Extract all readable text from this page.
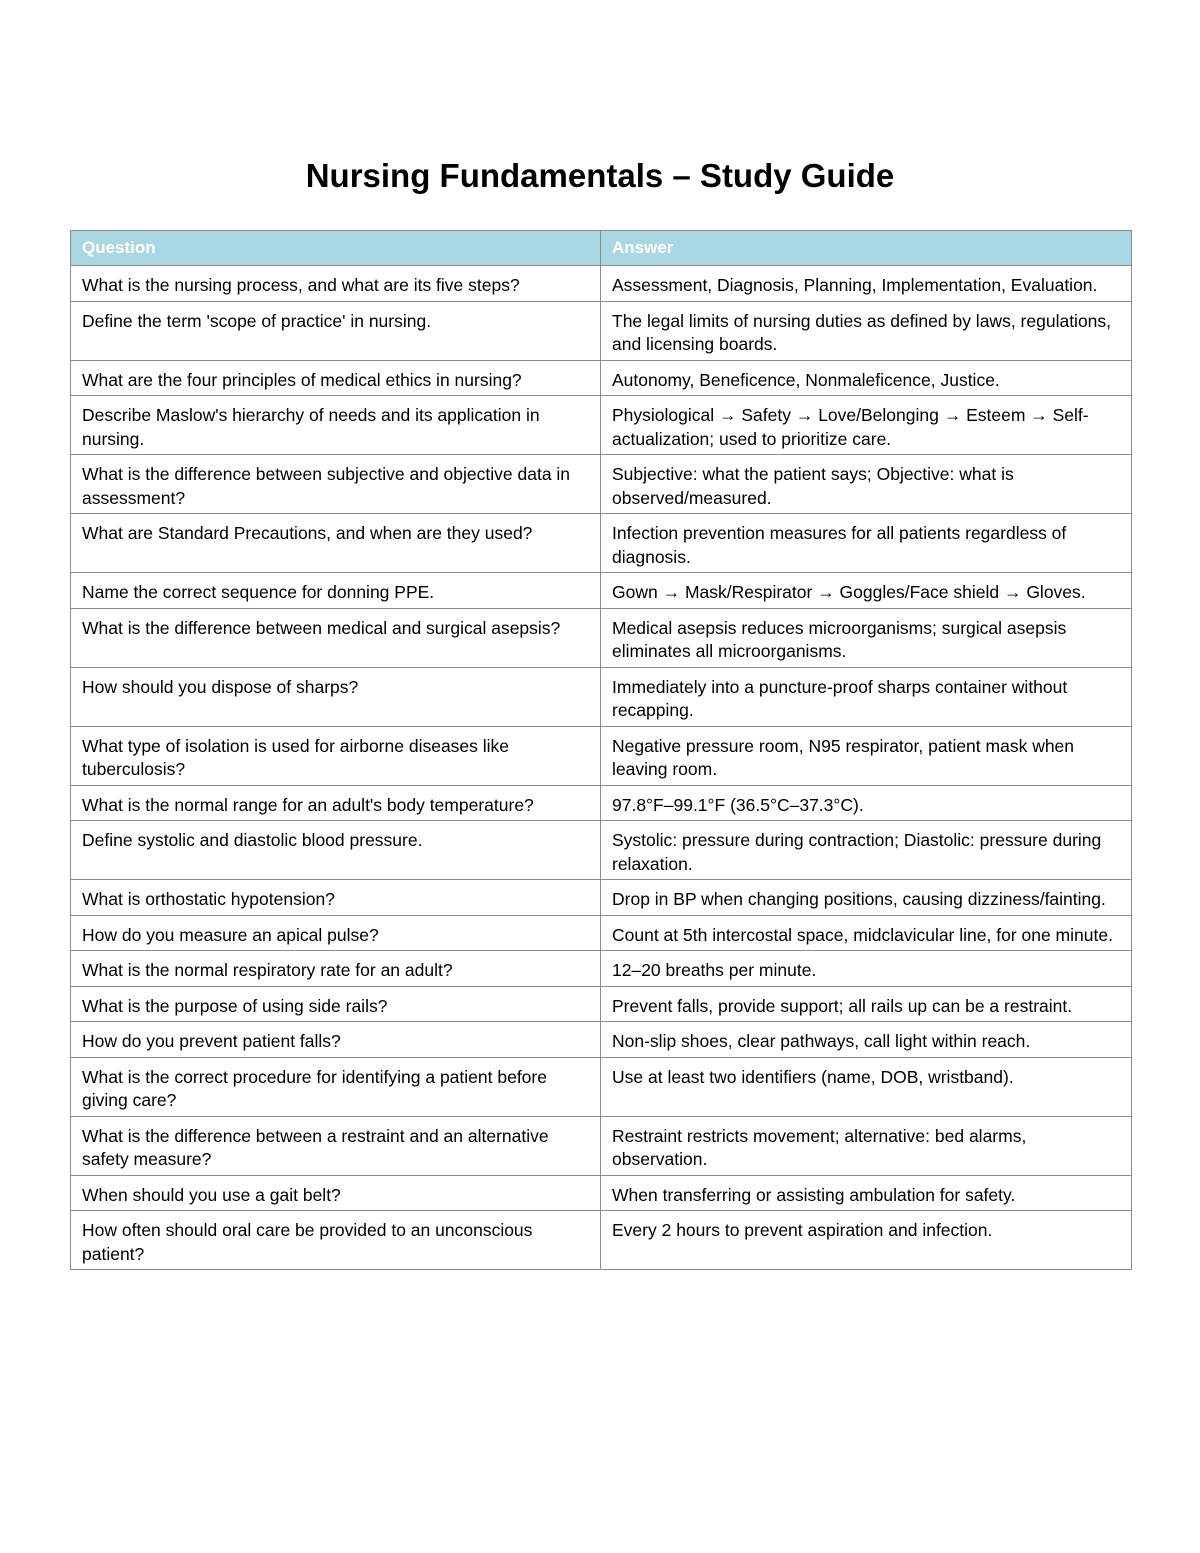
Nursing Fundamentals – Study Guide
Question	Answer
What is the nursing process, and what are its five steps?	Assessment, Diagnosis, Planning, Implementation, Evaluation.
Define the term 'scope of practice' in nursing.	The legal limits of nursing duties as defined by laws, regulations, and licensing boards.
What are the four principles of medical ethics in nursing?	Autonomy, Beneficence, Nonmaleficence, Justice.
Describe Maslow's hierarchy of needs and its application in nursing.	Physiological → Safety → Love/Belonging → Esteem → Self-actualization; used to prioritize care.
What is the difference between subjective and objective data in assessment?	Subjective: what the patient says; Objective: what is observed/measured.
What are Standard Precautions, and when are they used?	Infection prevention measures for all patients regardless of diagnosis.
Name the correct sequence for donning PPE.	Gown → Mask/Respirator → Goggles/Face shield → Gloves.
What is the difference between medical and surgical asepsis?	Medical asepsis reduces microorganisms; surgical asepsis eliminates all microorganisms.
How should you dispose of sharps?	Immediately into a puncture-proof sharps container without recapping.
What type of isolation is used for airborne diseases like tuberculosis?	Negative pressure room, N95 respirator, patient mask when leaving room.
What is the normal range for an adult's body temperature?	97.8°F–99.1°F (36.5°C–37.3°C).
Define systolic and diastolic blood pressure.	Systolic: pressure during contraction; Diastolic: pressure during relaxation.
What is orthostatic hypotension?	Drop in BP when changing positions, causing dizziness/fainting.
How do you measure an apical pulse?	Count at 5th intercostal space, midclavicular line, for one minute.
What is the normal respiratory rate for an adult?	12–20 breaths per minute.
What is the purpose of using side rails?	Prevent falls, provide support; all rails up can be a restraint.
How do you prevent patient falls?	Non-slip shoes, clear pathways, call light within reach.
What is the correct procedure for identifying a patient before giving care?	Use at least two identifiers (name, DOB, wristband).
What is the difference between a restraint and an alternative safety measure?	Restraint restricts movement; alternative: bed alarms, observation.
When should you use a gait belt?	When transferring or assisting ambulation for safety.
How often should oral care be provided to an unconscious patient?	Every 2 hours to prevent aspiration and infection.
